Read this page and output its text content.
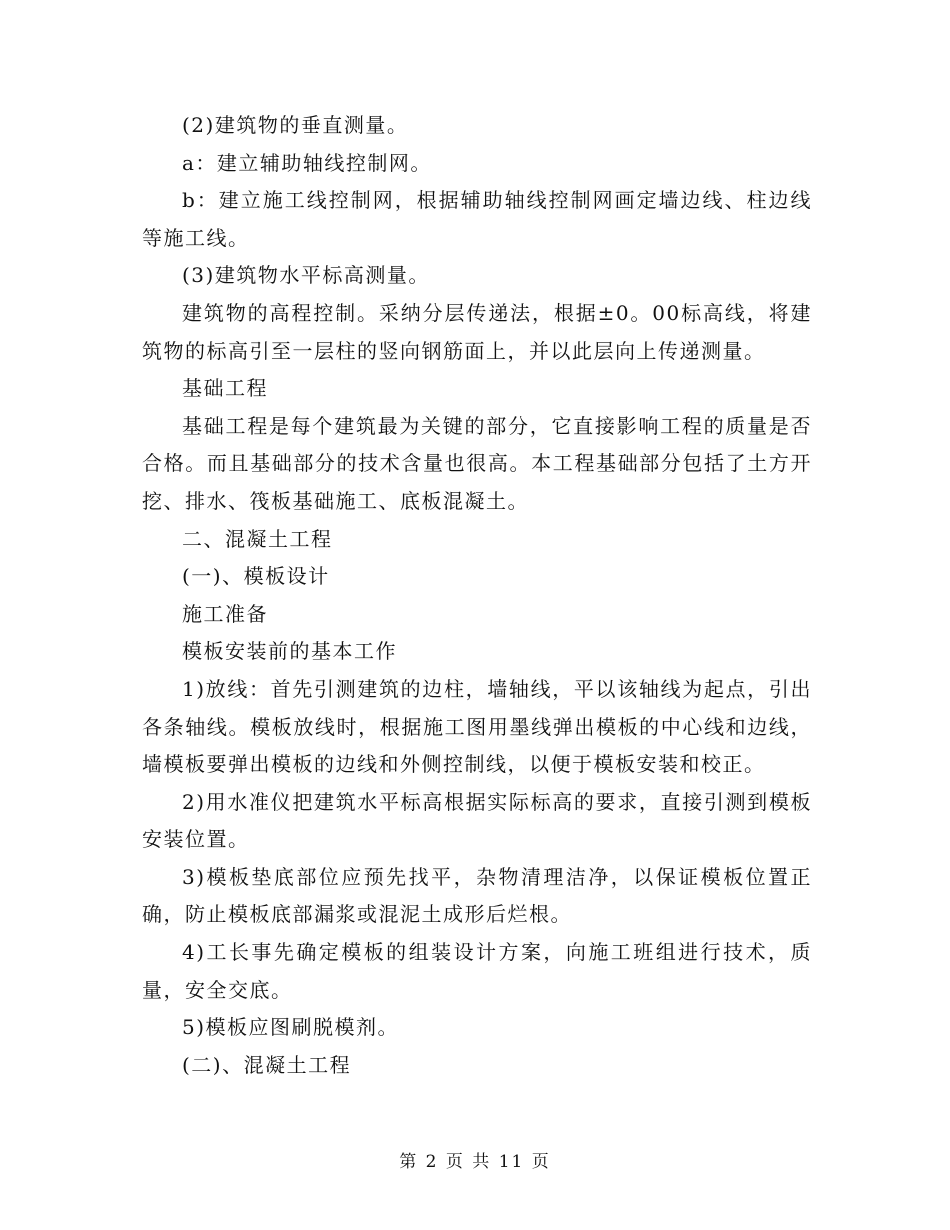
(2)建筑物的垂直测量。

a：建立辅助轴线控制网。

b：建立施工线控制网，根据辅助轴线控制网画定墙边线、柱边线等施工线。

(3)建筑物水平标高测量。

建筑物的高程控制。采纳分层传递法，根据±0。00标高线，将建筑物的标高引至一层柱的竖向钢筋面上，并以此层向上传递测量。

基础工程

基础工程是每个建筑最为关键的部分，它直接影响工程的质量是否合格。而且基础部分的技术含量也很高。本工程基础部分包括了土方开挖、排水、筏板基础施工、底板混凝土。

二、混凝土工程

(一)、模板设计

施工准备

模板安装前的基本工作

1)放线：首先引测建筑的边柱，墙轴线，平以该轴线为起点，引出各条轴线。模板放线时，根据施工图用墨线弹出模板的中心线和边线，墙模板要弹出模板的边线和外侧控制线，以便于模板安装和校正。

2)用水准仪把建筑水平标高根据实际标高的要求，直接引测到模板安装位置。

3)模板垫底部位应预先找平，杂物清理洁净，以保证模板位置正确，防止模板底部漏浆或混泥土成形后烂根。

4)工长事先确定模板的组装设计方案，向施工班组进行技术，质量，安全交底。

5)模板应图刷脱模剂。

(二)、混凝土工程

第 2 页 共 11 页
